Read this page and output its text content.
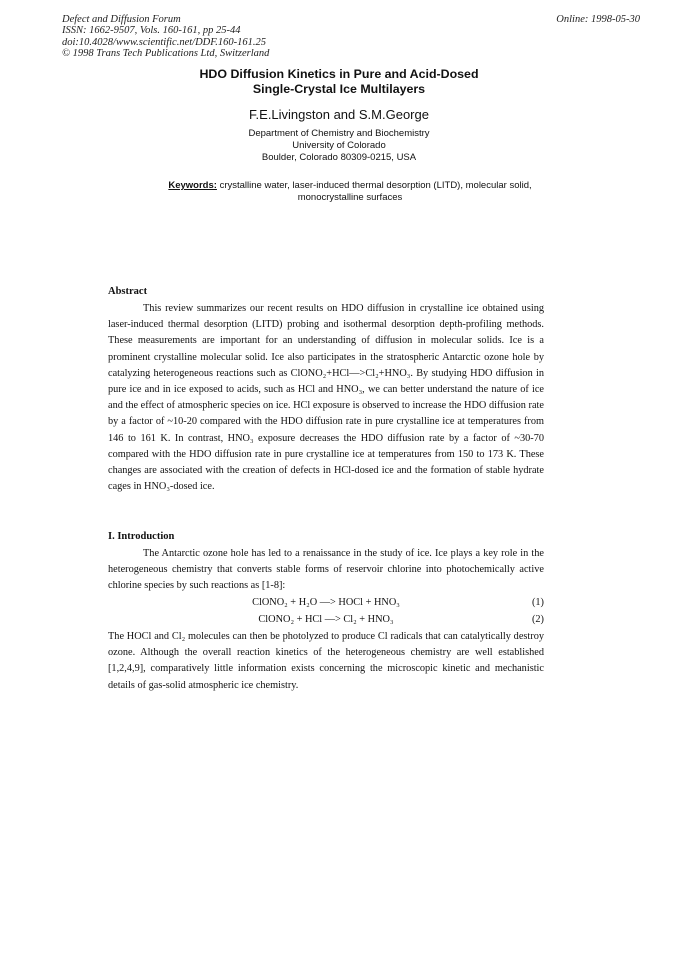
Defect and Diffusion Forum
ISSN: 1662-9507, Vols. 160-161, pp 25-44
doi:10.4028/www.scientific.net/DDF.160-161.25
© 1998 Trans Tech Publications Ltd, Switzerland
Online: 1998-05-30
HDO Diffusion Kinetics in Pure and Acid-Dosed
Single-Crystal Ice Multilayers
F.E.Livingston and S.M.George
Department of Chemistry and Biochemistry
University of Colorado
Boulder, Colorado 80309-0215, USA
Keywords: crystalline water, laser-induced thermal desorption (LITD), molecular solid,
monocrystalline surfaces
Abstract
This review summarizes our recent results on HDO diffusion in crystalline ice obtained using laser-induced thermal desorption (LITD) probing and isothermal desorption depth-profiling methods. These measurements are important for an understanding of diffusion in molecular solids. Ice is a prominent crystalline molecular solid. Ice also participates in the stratospheric Antarctic ozone hole by catalyzing heterogeneous reactions such as ClONO₂+HCl—>Cl₂+HNO₃. By studying HDO diffusion in pure ice and in ice exposed to acids, such as HCl and HNO₃, we can better understand the nature of ice and the effect of atmospheric species on ice. HCl exposure is observed to increase the HDO diffusion rate by a factor of ~10-20 compared with the HDO diffusion rate in pure crystalline ice at temperatures from 146 to 161 K. In contrast, HNO₃ exposure decreases the HDO diffusion rate by a factor of ~30-70 compared with the HDO diffusion rate in pure crystalline ice at temperatures from 150 to 173 K. These changes are associated with the creation of defects in HCl-dosed ice and the formation of stable hydrate cages in HNO₃-dosed ice.
I. Introduction
The Antarctic ozone hole has led to a renaissance in the study of ice. Ice plays a key role in the heterogeneous chemistry that converts stable forms of reservoir chlorine into photochemically active chlorine species by such reactions as [1-8]:
ClONO₂ + H₂O —> HOCl + HNO₃	(1)
ClONO₂ + HCl —> Cl₂ + HNO₃	(2)
The HOCl and Cl₂ molecules can then be photolyzed to produce Cl radicals that can catalytically destroy ozone. Although the overall reaction kinetics of the heterogeneous chemistry are well established [1,2,4,9], comparatively little information exists concerning the microscopic kinetic and mechanistic details of gas-solid atmospheric ice chemistry.
